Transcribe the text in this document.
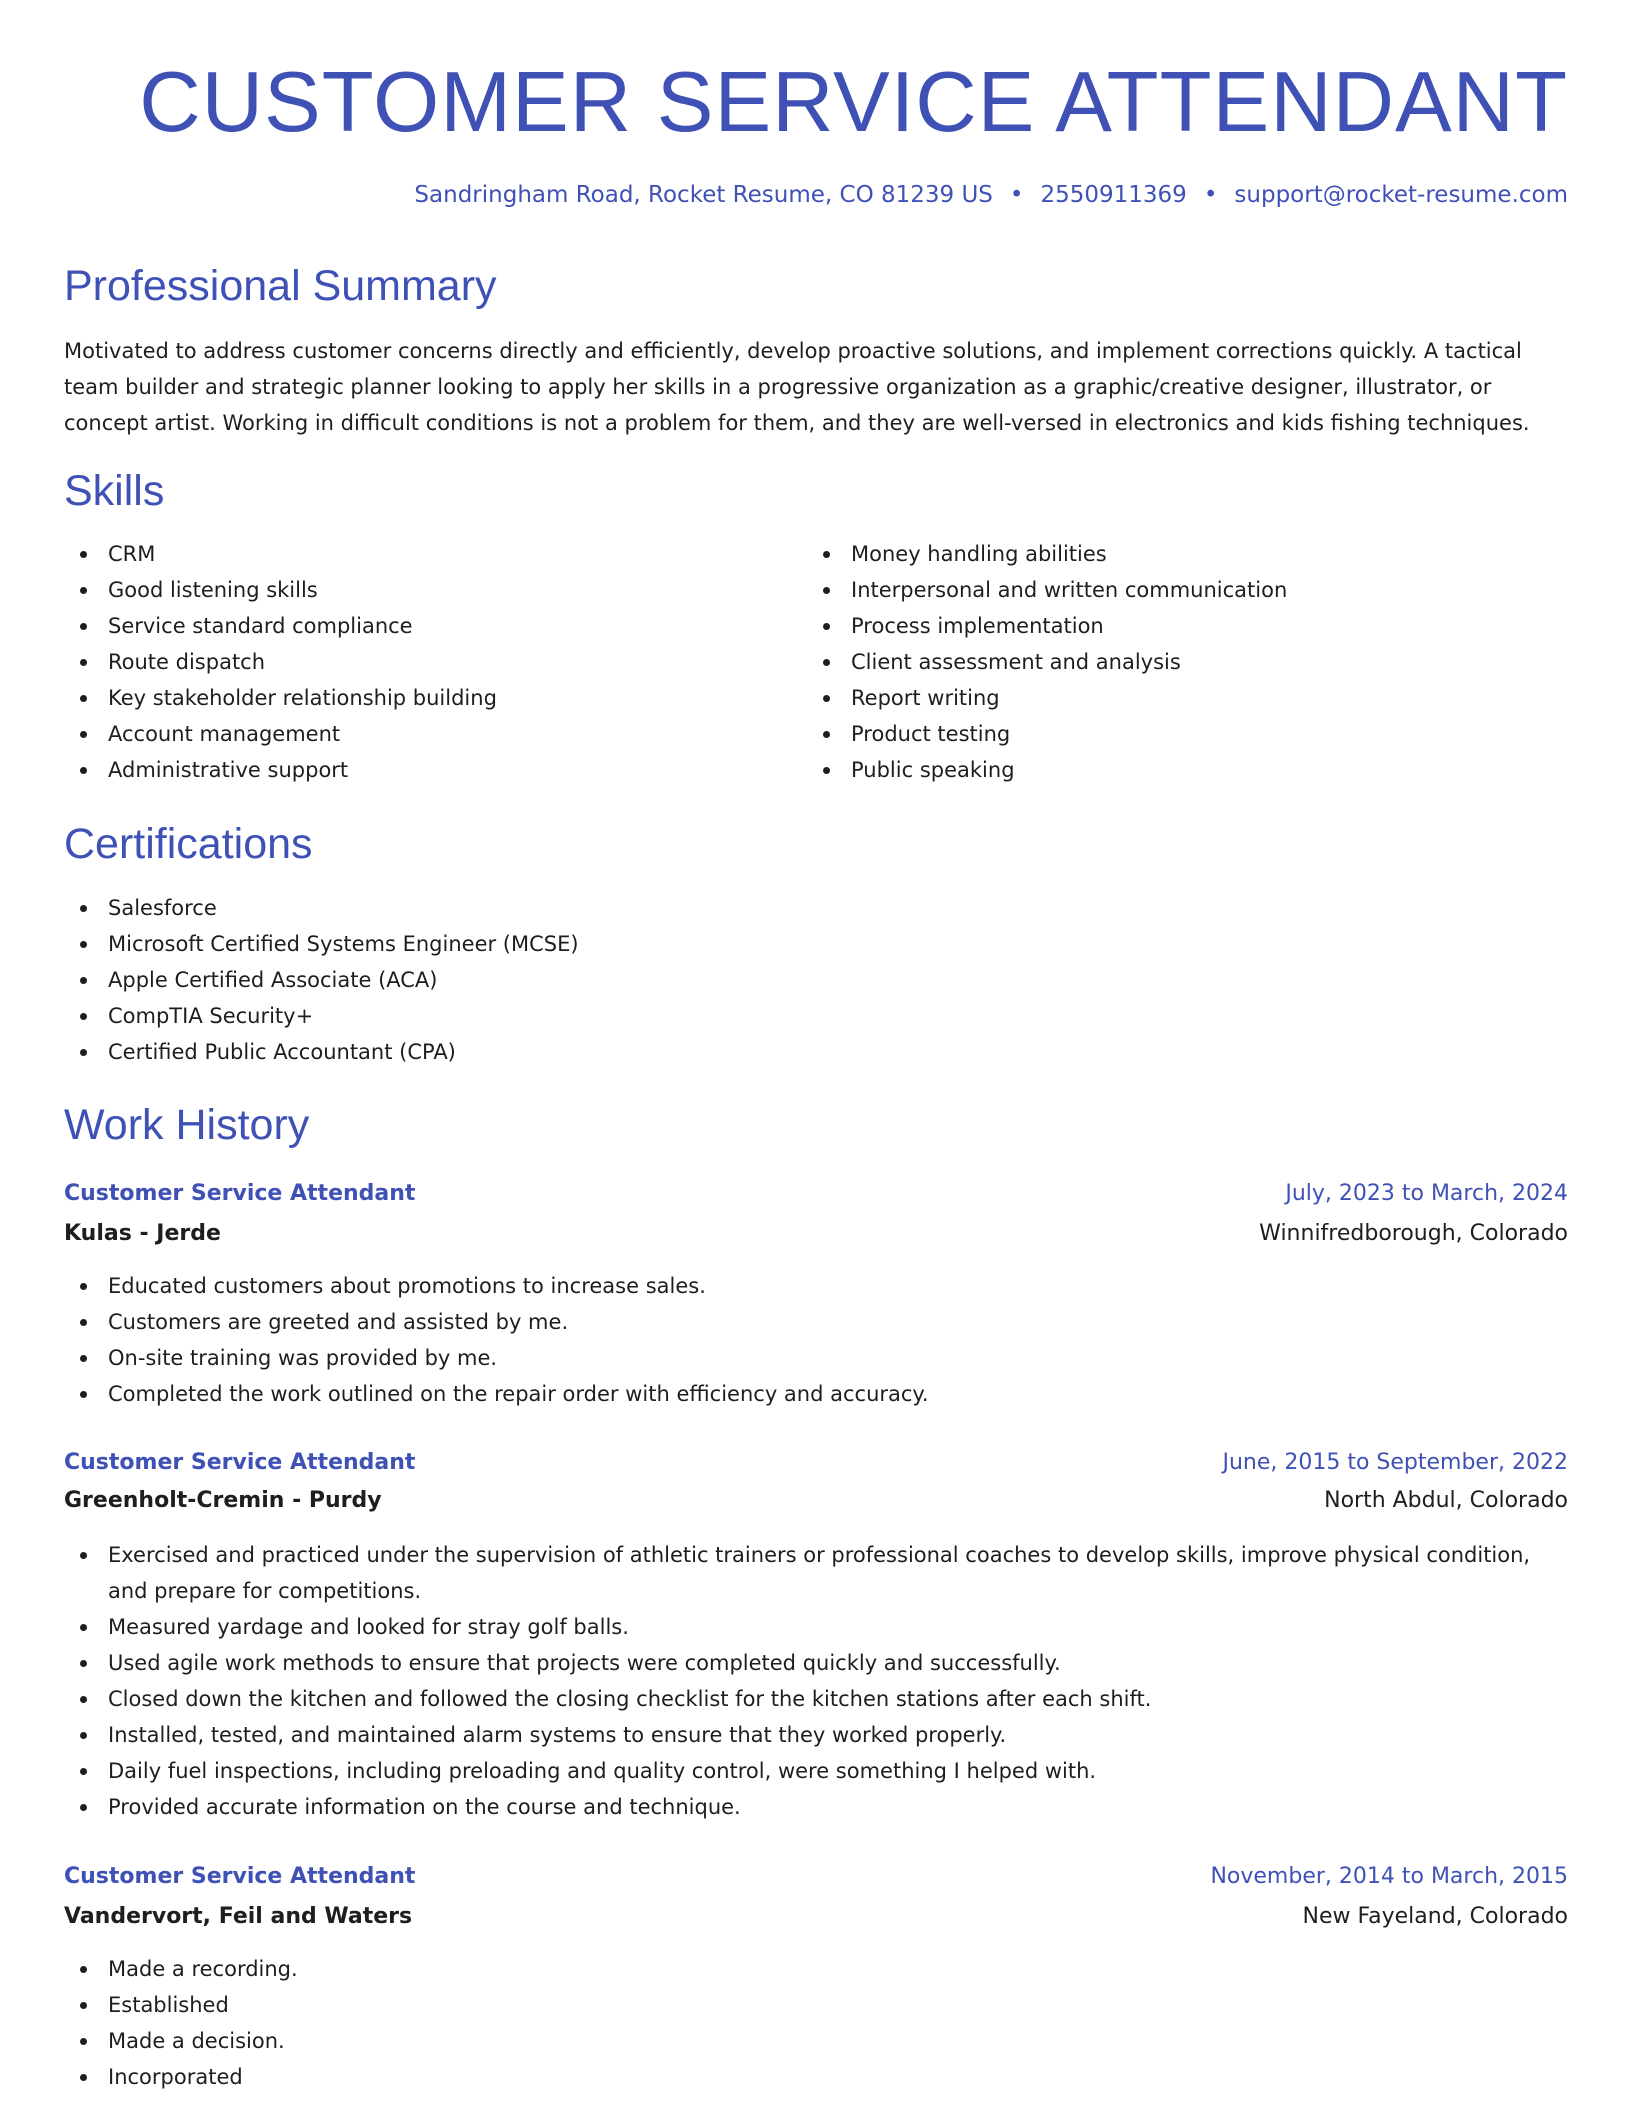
CUSTOMER SERVICE ATTENDANT
Sandringham Road, Rocket Resume, CO 81239 US • 2550911369 • support@rocket-resume.com
Professional Summary

Motivated to address customer concerns directly and efficiently, develop proactive solutions, and implement corrections quickly. A tactical team builder and strategic planner looking to apply her skills in a progressive organization as a graphic/creative designer, illustrator, or concept artist. Working in difficult conditions is not a problem for them, and they are well-versed in electronics and kids fishing techniques.

Skills
CRM
Good listening skills
Service standard compliance
Route dispatch
Key stakeholder relationship building
Account management
Administrative support
Money handling abilities
Interpersonal and written communication
Process implementation
Client assessment and analysis
Report writing
Product testing
Public speaking
Certifications
Salesforce
Microsoft Certified Systems Engineer (MCSE)
Apple Certified Associate (ACA)
CompTIA Security+
Certified Public Accountant (CPA)
Work History
Customer Service Attendant	July, 2023 to March, 2024
Kulas - Jerde	Winnifredborough, Colorado
Educated customers about promotions to increase sales.
Customers are greeted and assisted by me.
On-site training was provided by me.
Completed the work outlined on the repair order with efficiency and accuracy.
Customer Service Attendant	June, 2015 to September, 2022
Greenholt-Cremin - Purdy	North Abdul, Colorado
Exercised and practiced under the supervision of athletic trainers or professional coaches to develop skills, improve physical condition, and prepare for competitions.
Measured yardage and looked for stray golf balls.
Used agile work methods to ensure that projects were completed quickly and successfully.
Closed down the kitchen and followed the closing checklist for the kitchen stations after each shift.
Installed, tested, and maintained alarm systems to ensure that they worked properly.
Daily fuel inspections, including preloading and quality control, were something I helped with.
Provided accurate information on the course and technique.
Customer Service Attendant	November, 2014 to March, 2015
Vandervort, Feil and Waters	New Fayeland, Colorado
Made a recording.
Established
Made a decision.
Incorporated
